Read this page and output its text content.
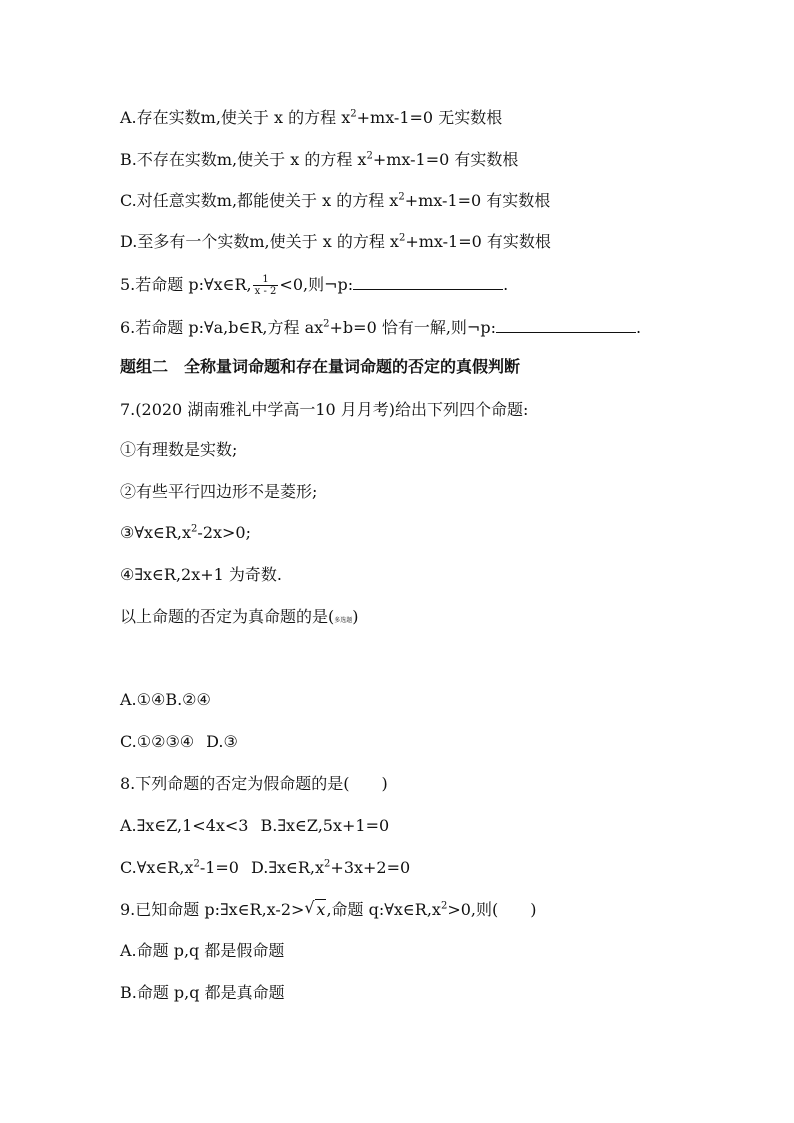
A.存在实数m,使关于 x 的方程 $x^2+mx-1=0$ 无实数根
B.不存在实数m,使关于 x 的方程 $x^2+mx-1=0$ 有实数根
C.对任意实数m,都能使关于 x 的方程 $x^2+mx-1=0$ 有实数根
D.至多有一个实数m,使关于 x 的方程 $x^2+mx-1=0$ 有实数根
5.若命题 p:∀x∈R, $\frac{1}{x - 2} <0$,则¬p:	.
6.若命题 p:∀a,b∈R,方程 $ax^2+b=0$ 恰有一解,则¬p:	.
题组二　全称量词命题和存在量词命题的否定的真假判断
7.(2020 湖南雅礼中学高一10 月月考)给出下列四个命题:
①有理数是实数;
②有些平行四边形不是菱形;
$③\forall x\in R,x^2-2x>0$;
④∃x∈R,2x+1 为奇数.
以上命题的否定为真命题的是(多选题)
A.①④B.②④
C.①②③④ D.③
8.下列命题的否定为假命题的是(　　)
A.∃x∈Z,1<4x<3 B.∃x∈Z,5x+1=0
$C.\forall x\in R,x^2-1=0$ $D.\exists x\in R,x^2+3x+2=0$
9.已知命题 p:∃x∈R,x-2> √ x,命题 $q:\forall x\in R,x^2>0$,则(　　)
A.命题 p,q 都是假命题
B.命题 p,q 都是真命题
